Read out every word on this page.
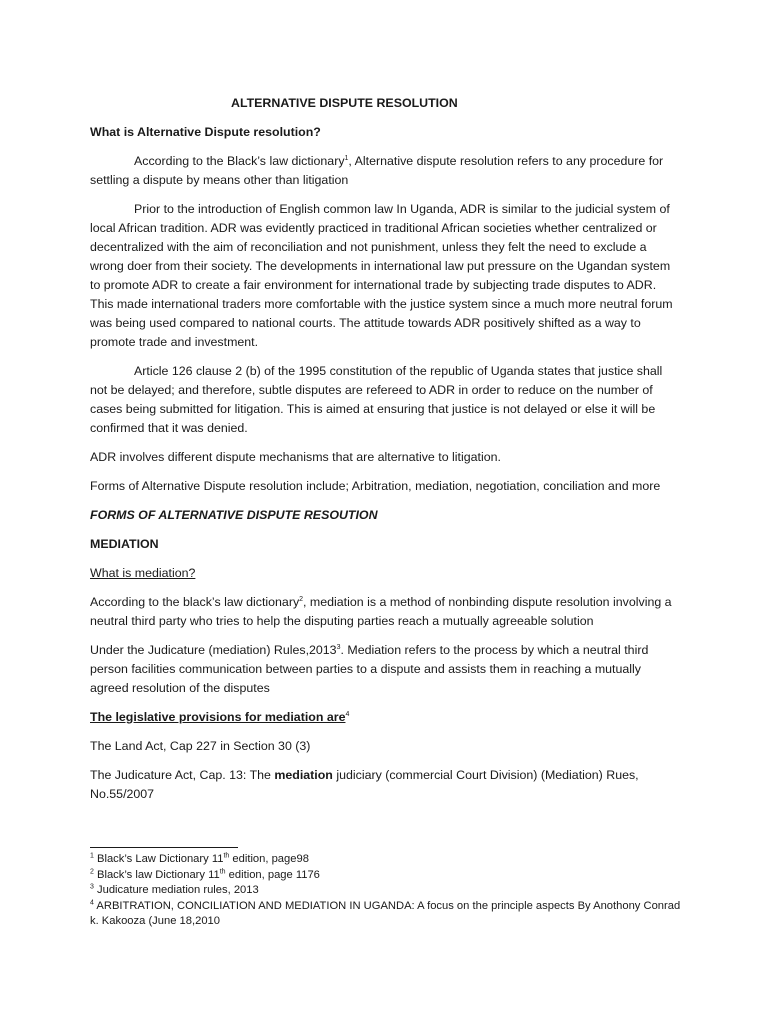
ALTERNATIVE DISPUTE RESOLUTION

What is Alternative Dispute resolution?

According to the Black’s law dictionary$^1$, Alternative dispute resolution refers to any procedure for settling a dispute by means other than litigation

Prior to the introduction of English common law In Uganda, ADR is similar to the judicial system of local African tradition. ADR was evidently practiced in traditional African societies whether centralized or decentralized with the aim of reconciliation and not punishment, unless they felt the need to exclude a wrong doer from their society. The developments in international law put pressure on the Ugandan system to promote ADR to create a fair environment for international trade by subjecting trade disputes to ADR. This made international traders more comfortable with the justice system since a much more neutral forum was being used compared to national courts. The attitude towards ADR positively shifted as a way to promote trade and investment.

Article 126 clause 2 (b) of the 1995 constitution of the republic of Uganda states that justice shall not be delayed; and therefore, subtle disputes are refereed to ADR in order to reduce on the number of cases being submitted for litigation. This is aimed at ensuring that justice is not delayed or else it will be confirmed that it was denied.

ADR involves different dispute mechanisms that are alternative to litigation.

Forms of Alternative Dispute resolution include; Arbitration, mediation, negotiation, conciliation and more

FORMS OF ALTERNATIVE DISPUTE RESOUTION

MEDIATION

What is mediation?

According to the black’s law dictionary$^2$, mediation is a method of nonbinding dispute resolution involving a neutral third party who tries to help the disputing parties reach a mutually agreeable solution

Under the Judicature (mediation) Rules,2013$^3$. Mediation refers to the process by which a neutral third person facilities communication between parties to a dispute and assists them in reaching a mutually agreed resolution of the disputes

The legislative provisions for mediation are$^4$

The Land Act, Cap 227 in Section 30 (3)

The Judicature Act, Cap. 13: The mediation judiciary (commercial Court Division) (Mediation) Rues, No.55/2007

$^1$ Black’s Law Dictionary 11th edition, page98
$^2$ Black’s law Dictionary 11th edition, page 1176
$^3$ Judicature mediation rules, 2013
$^4$ ARBITRATION, CONCILIATION AND MEDIATION IN UGANDA: A focus on the principle aspects By Anothony Conrad k. Kakooza (June 18,2010
